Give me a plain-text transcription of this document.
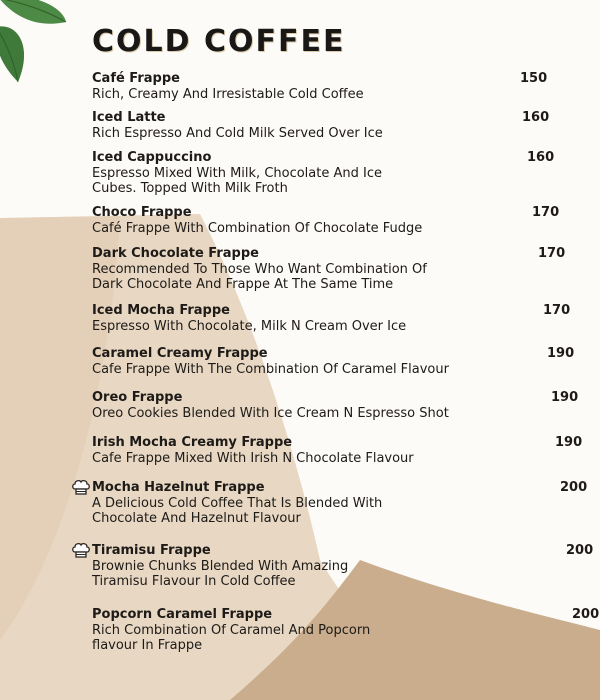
COLD COFFEE
Café Frappe
Rich, Creamy And Irresistable Cold Coffee
150
Iced Latte
Rich Espresso And Cold Milk Served Over Ice
160
Iced Cappuccino
Espresso Mixed With Milk, Chocolate And Ice
Cubes. Topped With Milk Froth
160
Choco Frappe
Café Frappe With Combination Of Chocolate Fudge
170
Dark Chocolate Frappe
Recommended To Those Who Want Combination Of
Dark Chocolate And Frappe At The Same Time
170
Iced Mocha Frappe
Espresso With Chocolate, Milk N Cream Over Ice
170
Caramel Creamy Frappe
Cafe Frappe With The Combination Of Caramel Flavour
190
Oreo Frappe
Oreo Cookies Blended With Ice Cream N Espresso Shot
190
Irish Mocha Creamy Frappe
Cafe Frappe Mixed With Irish N Chocolate Flavour
190
Mocha Hazelnut Frappe
A Delicious Cold Coffee That Is Blended With
Chocolate And Hazelnut Flavour
200
Tiramisu Frappe
Brownie Chunks Blended With Amazing
Tiramisu Flavour In Cold Coffee
200
Popcorn Caramel Frappe
Rich Combination Of Caramel And Popcorn
flavour In Frappe
200
